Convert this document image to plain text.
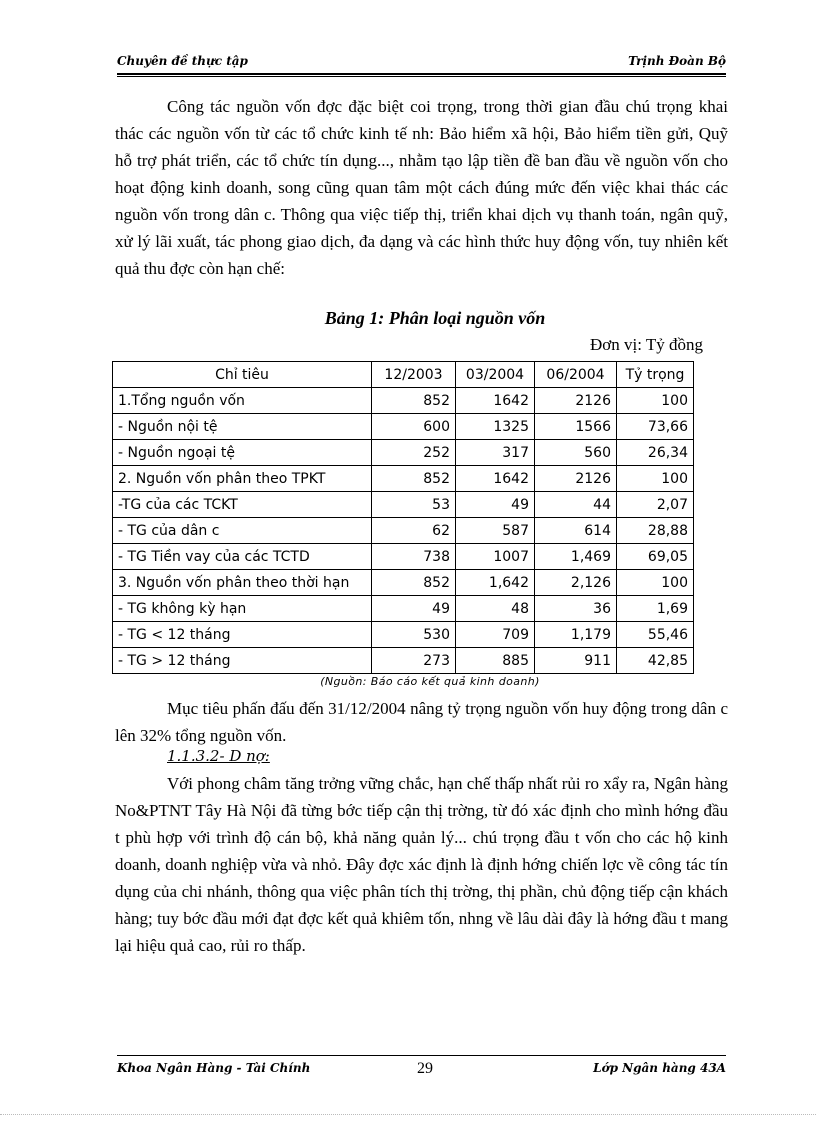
Chuyên đề thực tập	Trịnh Đoàn Bộ
Công tác nguồn vốn đợc đặc biệt coi trọng, trong thời gian đầu chú trọng khai thác các nguồn vốn từ các tổ chức kinh tế nh: Bảo hiểm xã hội, Bảo hiểm tiền gửi, Quỹ hỗ trợ phát triển, các tổ chức tín dụng..., nhằm tạo lập tiền đề ban đầu về nguồn vốn cho hoạt động kinh doanh, song cũng quan tâm một cách đúng mức đến việc khai thác các nguồn vốn trong dân c. Thông qua việc tiếp thị, triển khai dịch vụ thanh toán, ngân quỹ, xử lý lãi xuất, tác phong giao dịch, đa dạng và các hình thức huy động vốn, tuy nhiên kết quả thu đợc còn hạn chế:
Bảng 1: Phân loại nguồn vốn
Đơn vị: Tỷ đồng
Chỉ tiêu	12/2003	03/2004	06/2004	Tỷ trọng
1.Tổng nguồn vốn	852	1642	2126	100
- Nguồn nội tệ	600	1325	1566	73,66
- Nguồn ngoại tệ	252	317	560	26,34
2. Nguồn vốn phân theo TPKT	852	1642	2126	100
-TG của các TCKT	53	49	44	2,07
- TG của dân c	62	587	614	28,88
- TG Tiền vay của các TCTD	738	1007	1,469	69,05
3. Nguồn vốn phân theo thời hạn	852	1,642	2,126	100
- TG không kỳ hạn	49	48	36	1,69
- TG < 12 tháng	530	709	1,179	55,46
- TG > 12 tháng	273	885	911	42,85
(Nguồn: Báo cáo kết quả kinh doanh)
Mục tiêu phấn đấu đến 31/12/2004 nâng tỷ trọng nguồn vốn huy động trong dân c lên 32% tổng nguồn vốn.
1.1.3.2- D nợ:
Với phong châm tăng trởng vững chắc, hạn chế thấp nhất rủi ro xẩy ra, Ngân hàng No&PTNT Tây Hà Nội đã từng bớc tiếp cận thị trờng, từ đó xác định cho mình hớng đầu t phù hợp với trình độ cán bộ, khả năng quản lý... chú trọng đầu t vốn cho các hộ kinh doanh, doanh nghiệp vừa và nhỏ. Đây đợc xác định là định hớng chiến lợc về công tác tín dụng của chi nhánh, thông qua việc phân tích thị trờng, thị phần, chủ động tiếp cận khách hàng; tuy bớc đầu mới đạt đợc kết quả khiêm tốn, nhng về lâu dài đây là hớng đầu t mang lại hiệu quả cao, rủi ro thấp.
Khoa Ngân Hàng - Tài Chính	29	Lớp Ngân hàng 43A
